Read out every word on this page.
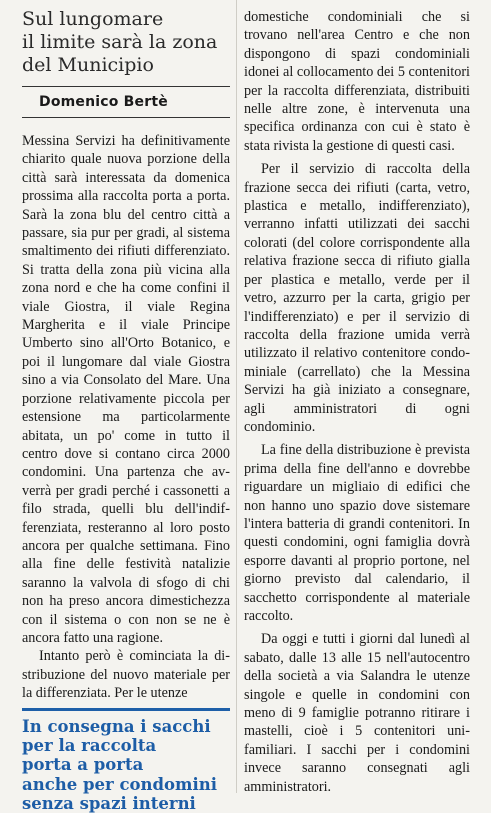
Sul lungomare
il limite sarà la zona
del Municipio

Domenico Bertè

Messina Servizi ha definitivamente chiarito quale nuova porzione della città sarà interessata da domenica prossima alla raccolta porta a porta. Sarà la zona blu del centro città a passare, sia pur per gradi, al sistema smaltimento dei rifiuti differenziato. Si tratta della zona più vicina alla zona nord e che ha come confini il viale Giostra, il viale Regina Margherita e il viale Principe Umberto sino all'Orto Botanico, e poi il lungomare dal viale Giostra sino a via Consolato del Mare. Una porzione relativamente piccola per estensione ma particolarmente abitata, un po' come in tutto il centro dove si contano circa 2000 condomini. Una partenza che avverrà per gradi perché i cassonetti a filo strada, quelli blu dell'indifferenziata, resteranno al loro posto ancora per qualche settimana. Fino alla fine delle festività natalizie saranno la valvola di sfogo di chi non ha preso ancora dimestichezza con il sistema o con non se ne è ancora fatto una ragione.

Intanto però è cominciata la distribuzione del nuovo materiale per la differenziata. Per le utenze

In consegna i sacchi
per la raccolta
porta a porta
anche per condomini
senza spazi interni

domestiche condominiali che si trovano nell'area Centro e che non dispongono di spazi condominiali idonei al collocamento dei 5 contenitori per la raccolta differenziata, distribuiti nelle altre zone, è intervenuta una specifica ordinanza con cui è stato è stata rivista la gestione di questi casi.

Per il servizio di raccolta della frazione secca dei rifiuti (carta, vetro, plastica e metallo, indifferenziato), verranno infatti utilizzati dei sacchi colorati (del colore corrispondente alla relativa frazione secca di rifiuto gialla per plastica e metallo, verde per il vetro, azzurro per la carta, grigio per l'indifferenziato) e per il servizio di raccolta della frazione umida verrà utilizzato il relativo contenitore condominiale (carrellato) che la Messina Servizi ha già iniziato a consegnare, agli amministratori di ogni condominio.

La fine della distribuzione è prevista prima della fine dell'anno e dovrebbe riguardare un migliaio di edifici che non hanno uno spazio dove sistemare l'intera batteria di grandi contenitori. In questi condomini, ogni famiglia dovrà esporre davanti al proprio portone, nel giorno previsto dal calendario, il sacchetto corrispondente al materiale raccolto.

Da oggi e tutti i giorni dal lunedì al sabato, dalle 13 alle 15 nell'autocentro della società a via Salandra le utenze singole e quelle in condomini con meno di 9 famiglie potranno ritirare i mastelli, cioè i 5 contenitori unifamiliari. I sacchi per i condomini invece saranno consegnati agli amministratori.
